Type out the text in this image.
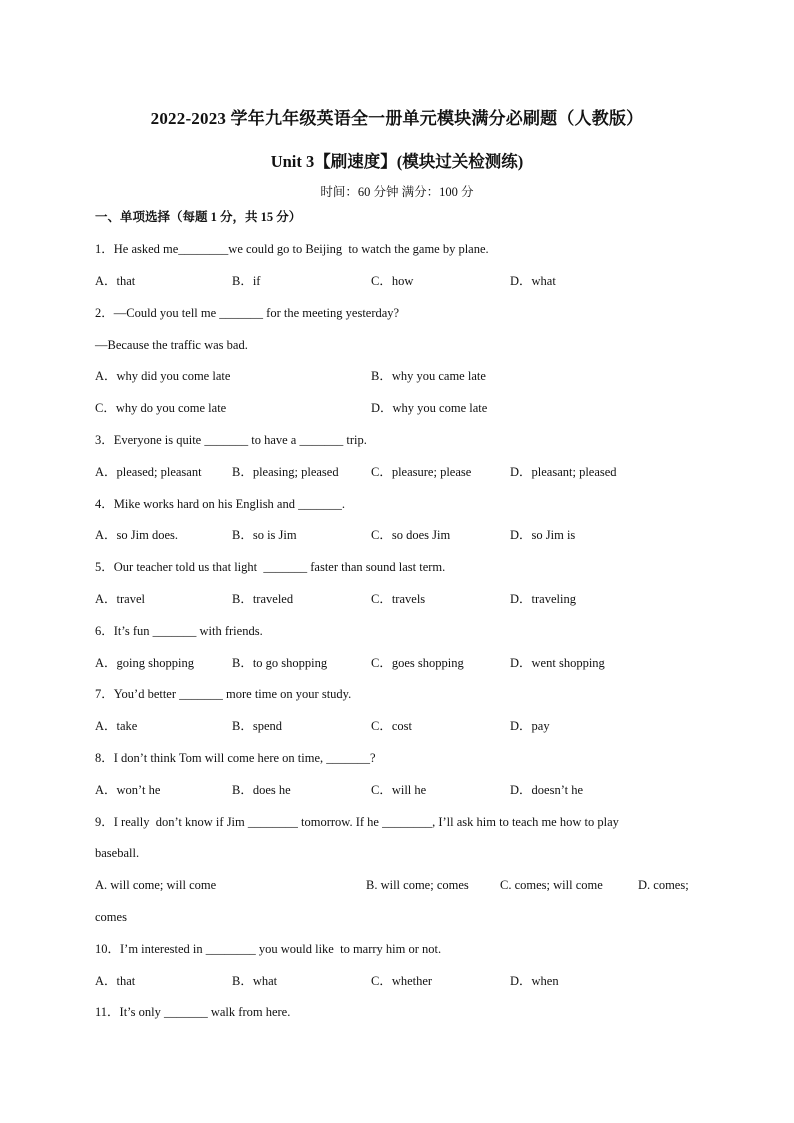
2022-2023 学年九年级英语全一册单元模块满分必刷题（人教版）
Unit 3【刷速度】(模块过关检测练)
时间：60 分钟 满分：100 分
一、单项选择（每题 1 分，共 15 分）
1．He asked me________we could go to Beijing  to watch the game by plane.
A．that	B．if	C．how	D．what
2．—Could you tell me _______ for the meeting yesterday?
—Because the traffic was bad.
A．why did you come late	B．why you came late
C．why do you come late	D．why you come late
3．Everyone is quite _______ to have a _______ trip.
A．pleased; pleasant B．pleasing; pleased	C．pleasure; please	D．pleasant; pleased
4．Mike works hard on his English and _______.
A．so Jim does.	B．so is Jim	C．so does Jim	D．so Jim is
5．Our teacher told us that light  _______ faster than sound last term.
A．travel	B．traveled	C．travels	D．traveling
6．It’s fun _______ with friends.
A．going shopping	B．to go shopping	C．goes shopping	D．went shopping
7．You’d better _______ more time on your study.
A．take	B．spend	C．cost	D．pay
8．I don’t think Tom will come here on time, _______?
A．won’t he	B．does he	C．will he	D．doesn’t he
9．I really  don’t know if Jim ________ tomorrow. If he ________, I’ll ask him to teach me how to play
baseball.
A. will come; will come	B. will come; comes C. comes; will come	D. comes;
comes
10．I’m interested in ________ you would like  to marry him or not.
A．that	B．what	C．whether	D．when
11．It’s only _______ walk from here.
